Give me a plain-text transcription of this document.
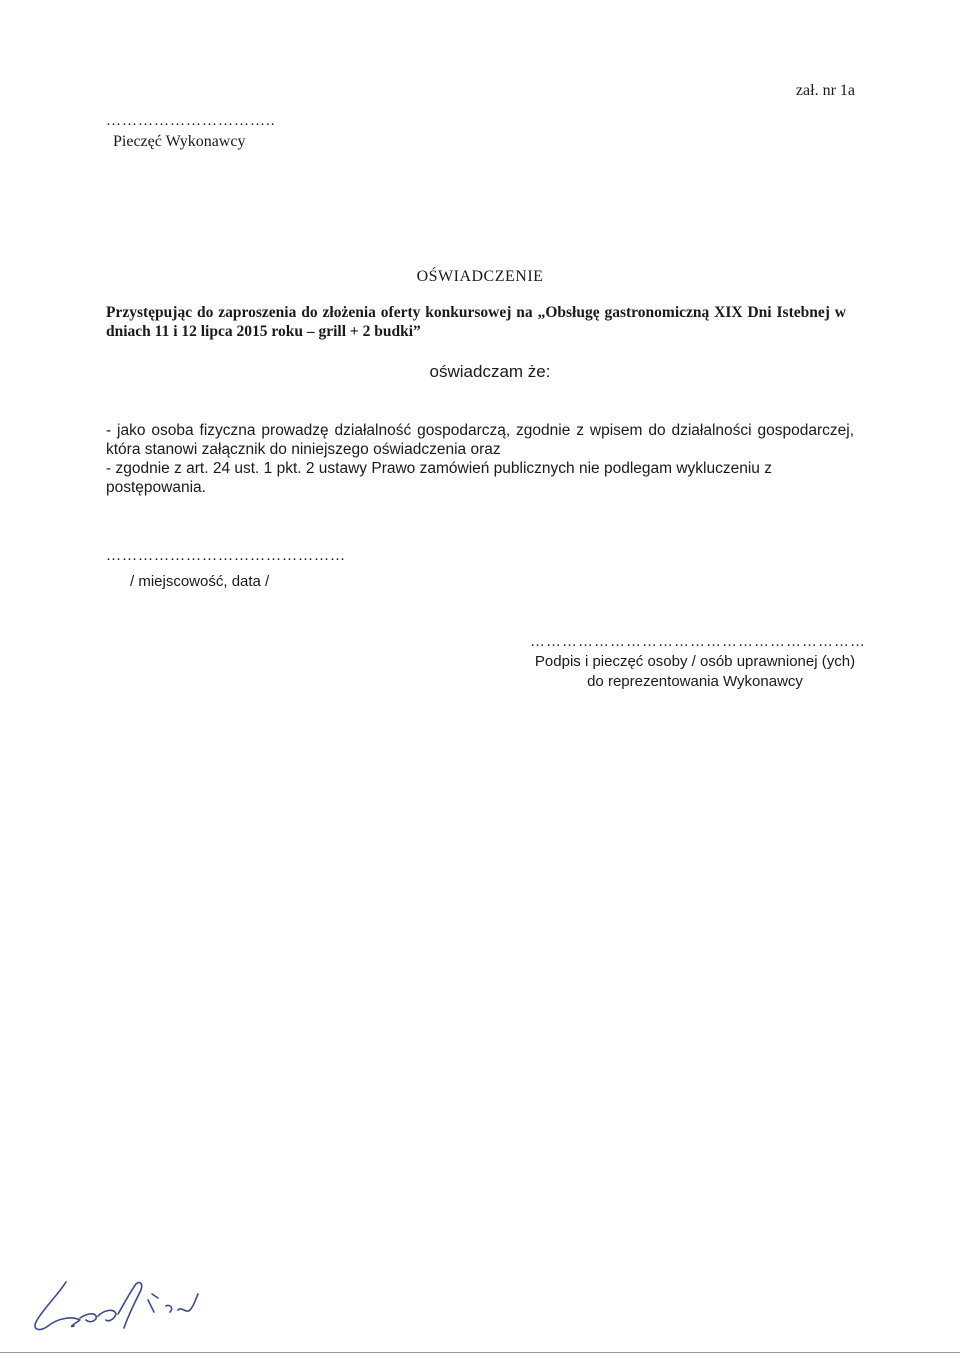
zał. nr 1a
…………………………..
Pieczęć Wykonawcy
OŚWIADCZENIE
Przystępując do zaproszenia do złożenia oferty konkursowej na „Obsługę gastronomiczną XIX Dni Istebnej w dniach 11 i 12 lipca 2015 roku – grill + 2 budki”
oświadczam że:

- jako osoba fizyczna prowadzę działalność gospodarczą, zgodnie z wpisem do działalności gospodarczej, która stanowi załącznik do niniejszego oświadczenia oraz

- zgodnie z art. 24 ust. 1 pkt. 2 ustawy Prawo zamówień publicznych nie podlegam wykluczeniu z postępowania.

………………………………………
/ miejscowość, data /
………………………………………………………
Podpis i pieczęć osoby / osób uprawnionej (ych)
do reprezentowania Wykonawcy
